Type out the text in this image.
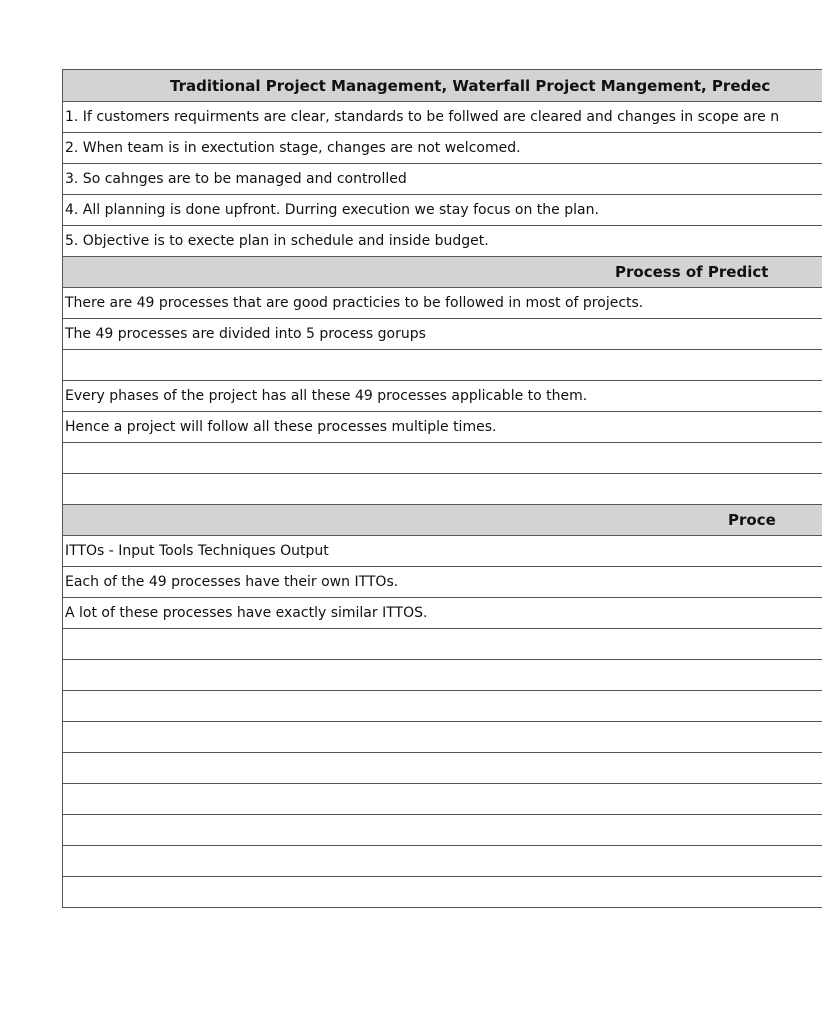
Traditional Project Management, Waterfall Project Mangement, Predec
1. If customers requirments are clear, standards to be follwed are cleared and changes in scope are n
2. When team is in exectution stage, changes are not welcomed.
3. So cahnges are to be managed and controlled
4. All planning is done upfront. Durring execution we stay focus on the plan.
5. Objective is to execte plan in schedule and inside budget.
Process of Predict
There are 49 processes that are good practicies to be followed in most of projects.
The 49 processes are divided into 5 process gorups
Every phases of the project has all these 49 processes applicable to them.
Hence a project will follow all these processes multiple times.
Proce
ITTOs - Input Tools Techniques Output
Each of the 49 processes have their own ITTOs.
A lot of these processes have exactly similar ITTOS.
